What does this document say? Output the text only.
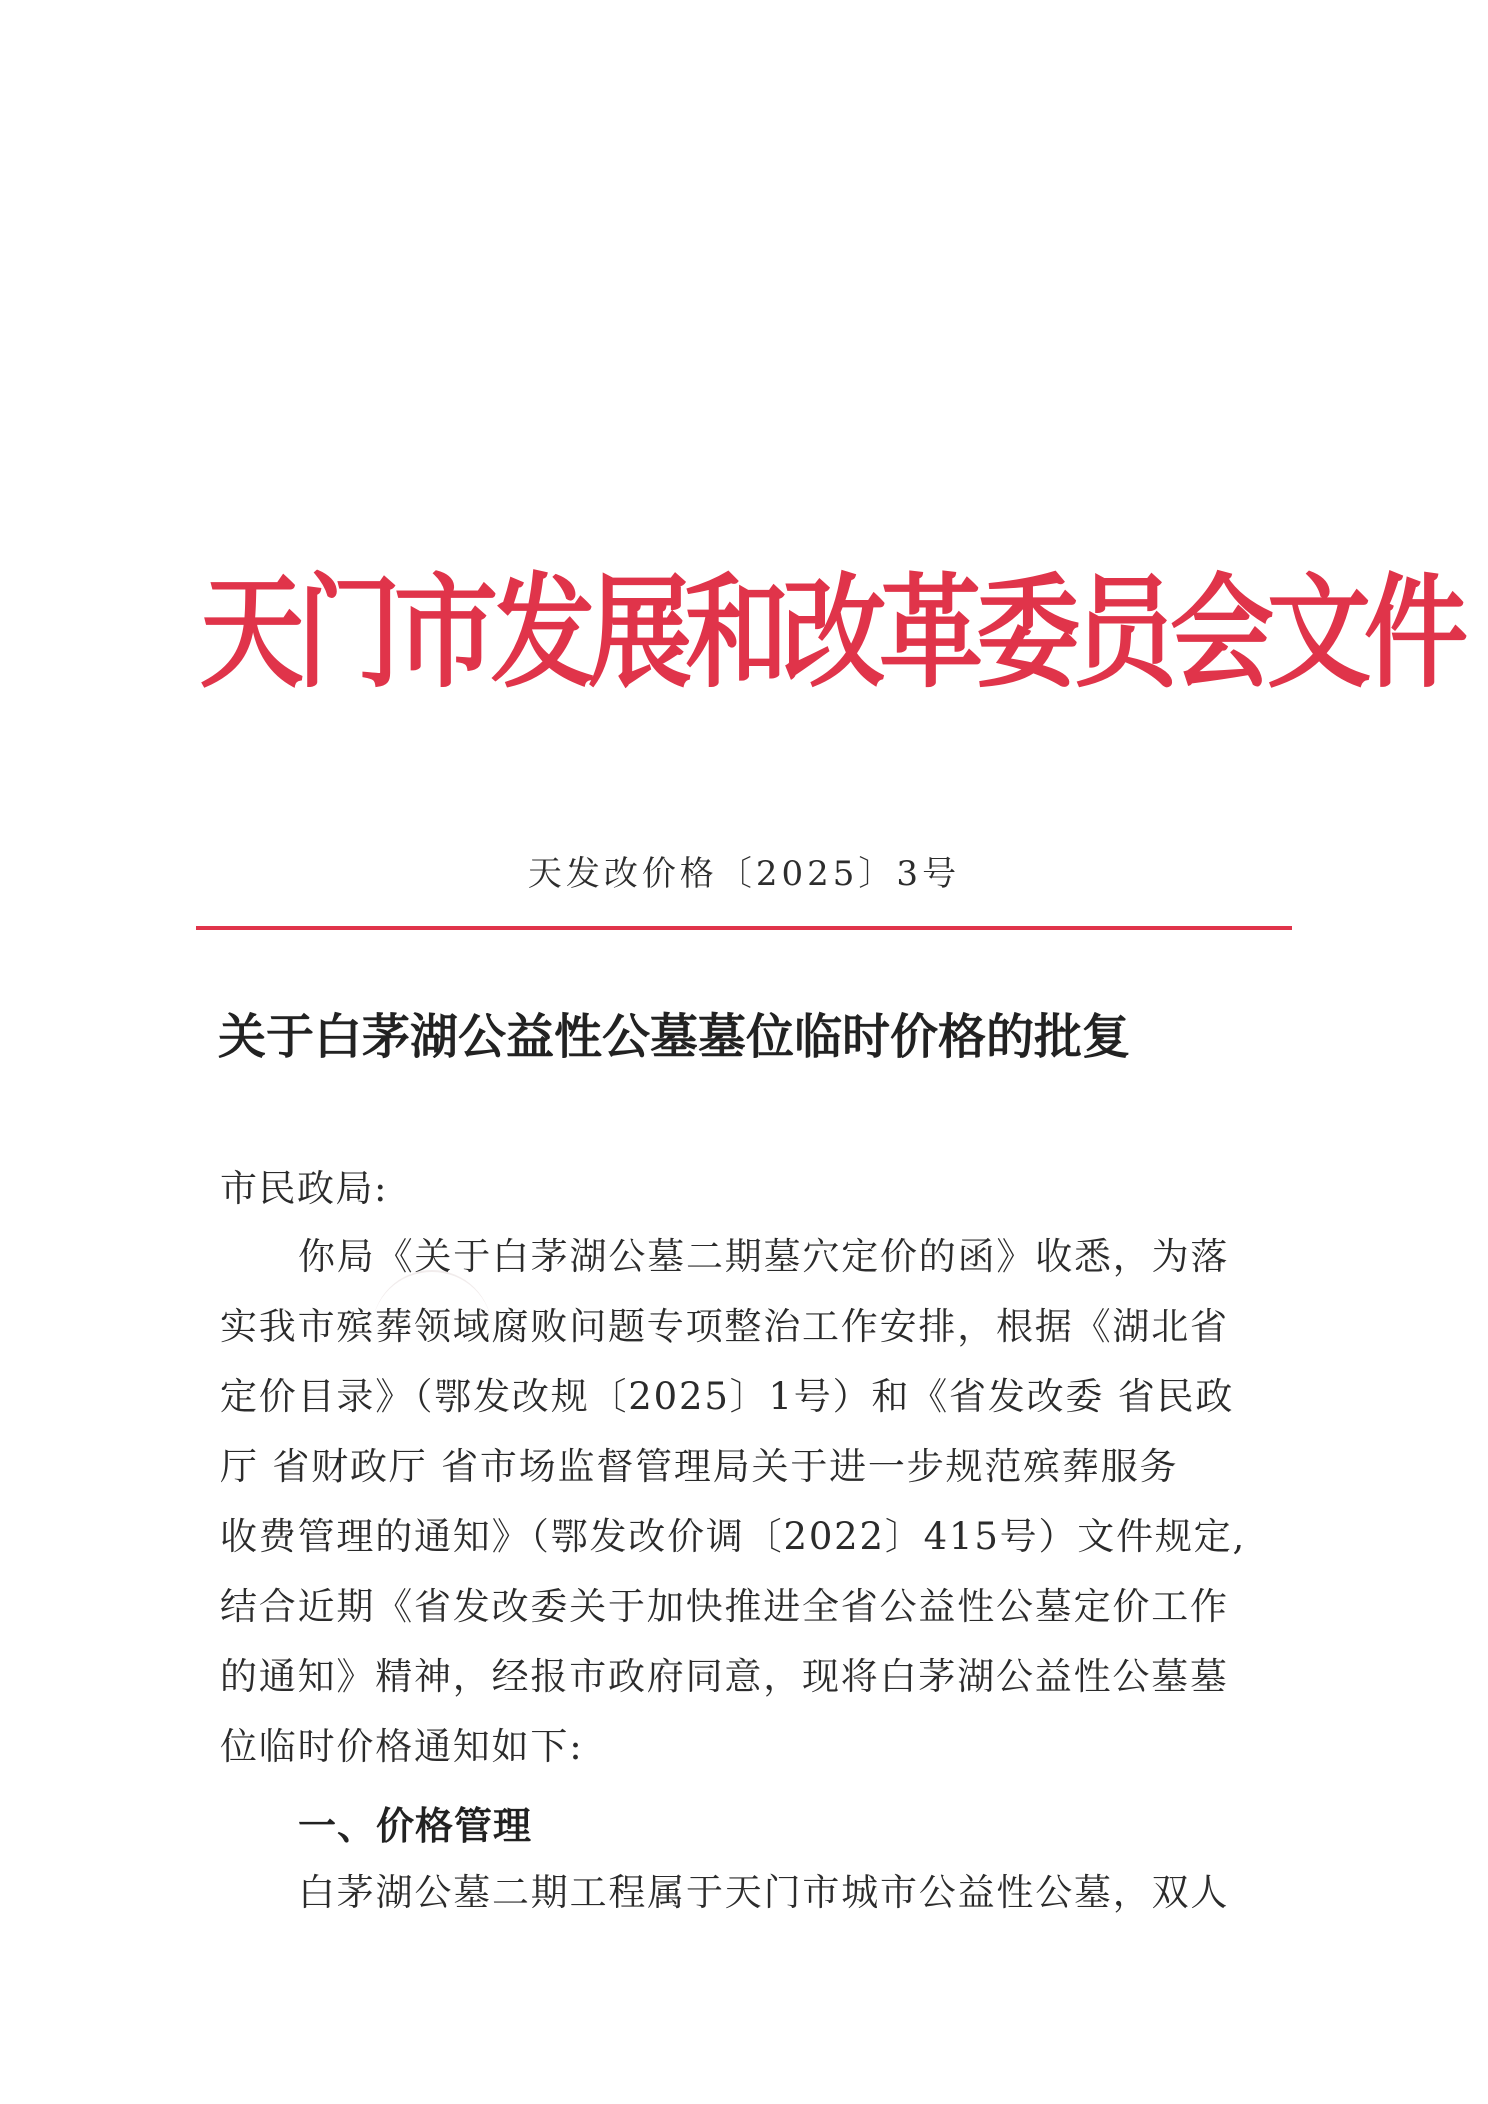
天门市发展和改革委员会文件
天发改价格〔2025〕3号
关于白茅湖公益性公墓墓位临时价格的批复
市民政局:
你局《关于白茅湖公墓二期墓穴定价的函》收悉，为落
实我市殡葬领域腐败问题专项整治工作安排，根据《湖北省
定价目录》（鄂发改规〔2025〕1号）和《省发改委 省民政
厅 省财政厅 省市场监督管理局关于进一步规范殡葬服务
收费管理的通知》（鄂发改价调〔2022〕415号）文件规定,
结合近期《省发改委关于加快推进全省公益性公墓定价工作
的通知》精神，经报市政府同意，现将白茅湖公益性公墓墓
位临时价格通知如下:
一、价格管理
白茅湖公墓二期工程属于天门市城市公益性公墓，双人
